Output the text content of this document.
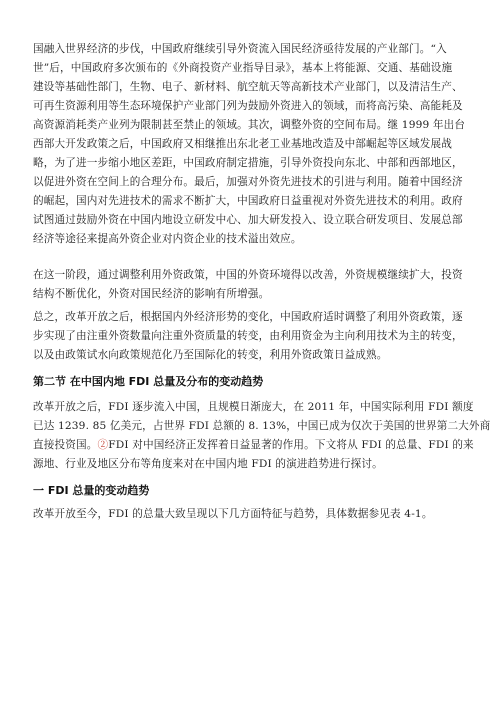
国融入世界经济的步伐，中国政府继续引导外资流入国民经济亟待发展的产业部门。“入
世”后，中国政府多次颁布的《外商投资产业指导目录》，基本上将能源、交通、基础设施
建设等基础性部门，生物、电子、新材料、航空航天等高新技术产业部门，以及清洁生产、
可再生资源利用等生态环境保护产业部门列为鼓励外资进入的领域，而将高污染、高能耗及
高资源消耗类产业列为限制甚至禁止的领域。其次，调整外资的空间布局。继 1999 年出台
西部大开发政策之后，中国政府又相继推出东北老工业基地改造及中部崛起等区域发展战
略，为了进一步缩小地区差距，中国政府制定措施，引导外资投向东北、中部和西部地区，
以促进外资在空间上的合理分布。最后，加强对外资先进技术的引进与利用。随着中国经济
的崛起，国内对先进技术的需求不断扩大，中国政府日益重视对外资先进技术的利用。政府
试图通过鼓励外资在中国内地设立研发中心、加大研发投入、设立联合研发项目、发展总部
经济等途径来提高外资企业对内资企业的技术溢出效应。

在这一阶段，通过调整利用外资政策，中国的外资环境得以改善，外资规模继续扩大，投资
结构不断优化，外资对国民经济的影响有所增强。

总之，改革开放之后，根据国内外经济形势的变化，中国政府适时调整了利用外资政策，逐
步实现了由注重外资数量向注重外资质量的转变，由利用资金为主向利用技术为主的转变，
以及由政策试水向政策规范化乃至国际化的转变，利用外资政策日益成熟。

第二节 在中国内地 FDI 总量及分布的变动趋势

改革开放之后，FDI 逐步流入中国，且规模日渐庞大，在 2011 年，中国实际利用 FDI 额度
已达 1239. 85 亿美元，占世界 FDI 总额的 8. 13%，中国已成为仅次于美国的世界第二大外商
直接投资国。②FDI 对中国经济正发挥着日益显著的作用。下文将从 FDI 的总量、FDI 的来
源地、行业及地区分布等角度来对在中国内地 FDI 的演进趋势进行探讨。

一 FDI 总量的变动趋势

改革开放至今，FDI 的总量大致呈现以下几方面特征与趋势，具体数据参见表 4-1。
